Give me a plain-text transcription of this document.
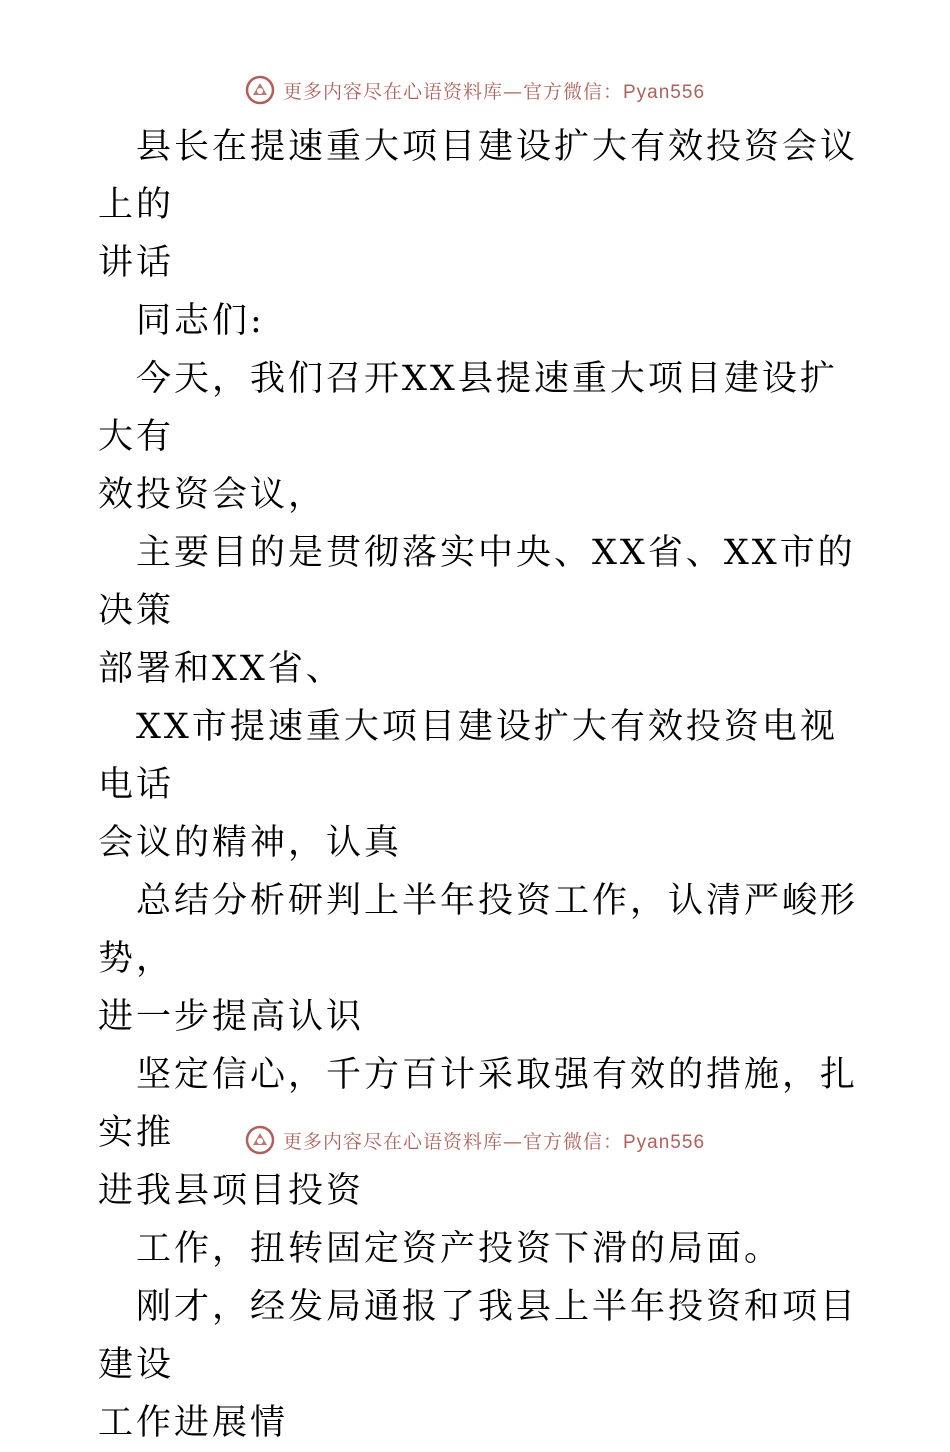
更多内容尽在心语资料库—官方微信：Pyan556

县长在提速重大项目建设扩大有效投资会议上的
讲话

同志们:

今天，我们召开XX县提速重大项目建设扩大有
效投资会议，

主要目的是贯彻落实中央、XX省、XX市的决策
部署和XX省、

XX市提速重大项目建设扩大有效投资电视电话
会议的精神，认真

总结分析研判上半年投资工作，认清严峻形势，
进一步提高认识

坚定信心，千方百计采取强有效的措施，扎实推
进我县项目投资

工作，扭转固定资产投资下滑的局面。

刚才，经发局通报了我县上半年投资和项目建设
工作进展情

更多内容尽在心语资料库—官方微信：Pyan556
